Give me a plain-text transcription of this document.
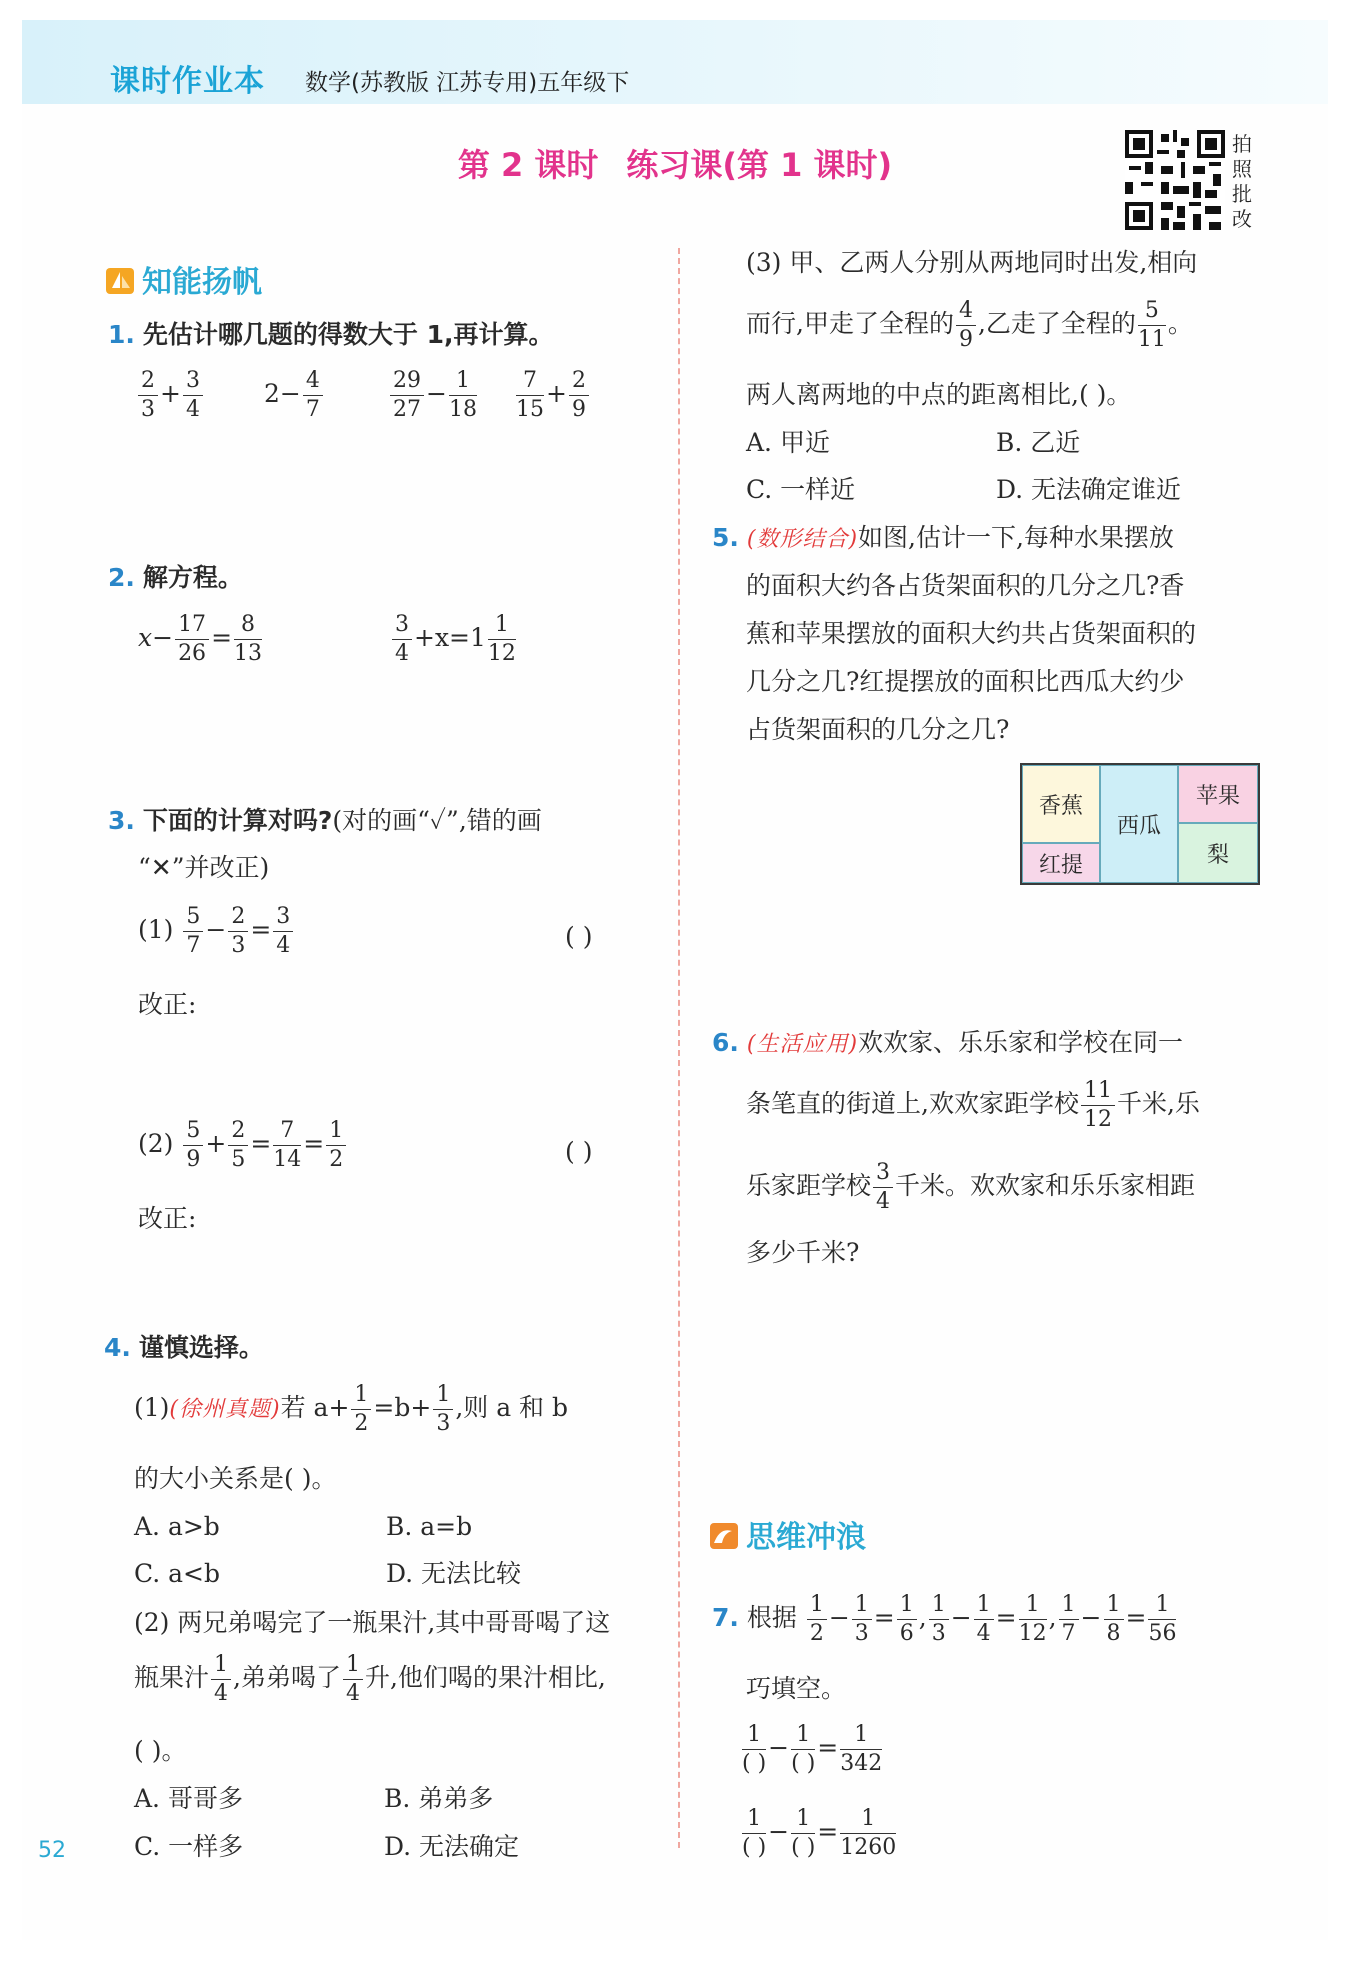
课时作业本 数学(苏教版 江苏专用)五年级下
第 2 课时 练习课(第 1 课时)
拍
照
批
改
知能扬帆
1. 先估计哪几题的得数大于 1,再计算。
$\frac{2}{3} + \frac{3}{4} 2- \frac{4}{7}$	$\frac{29}{27} - \frac{1}{18} \frac{7}{15} + \frac{2}{9}$
2. 解方程。
$x- \frac{17}{26} = \frac{8}{13}$	$\frac{3}{4} +x=1 \frac{1}{12}$
3. 下面的计算对吗?(对的画“✓”,错的画
“✕”并改正)
$(1) \frac{5}{7} - \frac{2}{3} = \frac{3}{4}$	( )
改正:
$(2) \frac{5}{9} + \frac{2}{5} = \frac{7}{14} = \frac{1}{2}$	( )
改正:
4. 谨慎选择。
(1)(徐州真题)若 $a+ \frac{1}{2} =b+ \frac{1}{3}$ ,则 a 和 b
的大小关系是( )。
A. a>b	B. a=b
C. a<b	D. 无法比较
(2) 两兄弟喝完了一瓶果汁,其中哥哥喝了这
瓶果汁 $\frac{1}{4}$ ,弟弟喝了 $\frac{1}{4}$ 升,他们喝的果汁相比,
( )。
A. 哥哥多	B. 弟弟多
C. 一样多	D. 无法确定
52
(3) 甲、乙两人分别从两地同时出发,相向
而行,甲走了全程的 $\frac{4}{9}$ ,乙走了全程的 $\frac{5}{11}$ 。
两人离两地的中点的距离相比,( )。
A. 甲近	B. 乙近
C. 一样近	D. 无法确定谁近
5. (数形结合)如图,估计一下,每种水果摆放
的面积大约各占货架面积的几分之几?香
蕉和苹果摆放的面积大约共占货架面积的
几分之几?红提摆放的面积比西瓜大约少
占货架面积的几分之几?
香蕉
红提
西瓜
苹果
梨
6. (生活应用)欢欢家、乐乐家和学校在同一
条笔直的街道上,欢欢家距学校 $\frac{11}{12}$ 千米,乐
乐家距学校 $\frac{3}{4}$ 千米。欢欢家和乐乐家相距
多少千米?
思维冲浪
7. 根据 $\frac{1}{2} - \frac{1}{3} = \frac{1}{6}$ , $\frac{1}{3} - \frac{1}{4} = \frac{1}{12}$ , $\frac{1}{7} - \frac{1}{8} = \frac{1}{56}$
巧填空。
$\frac{1}{( )} - \frac{1}{( )} = \frac{1}{342}$
$\frac{1}{( )} - \frac{1}{( )} = \frac{1}{1260}$
